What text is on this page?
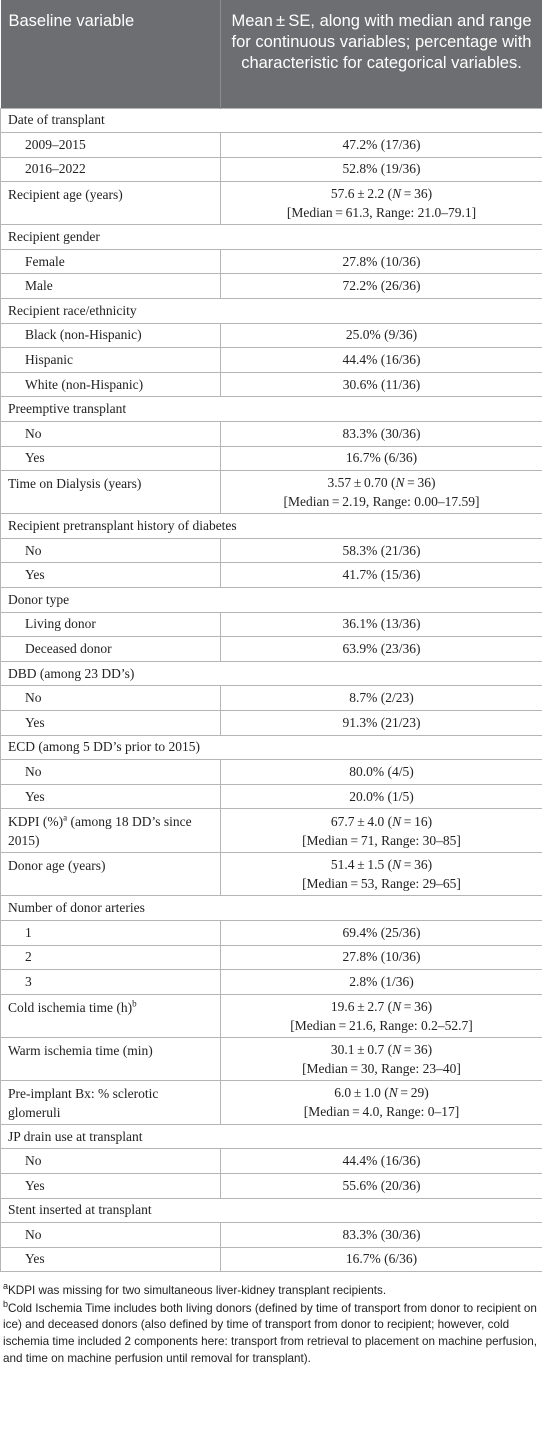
Baseline variable	Mean ± SE, along with median and range for continuous variables; percentage with characteristic for categorical variables.
Date of transplant	
2009–2015	47.2% (17/36)
2016–2022	52.8% (19/36)
Recipient age (years)	57.6 ± 2.2 (N = 36)
[Median = 61.3, Range: 21.0–79.1]

Recipient gender	
Female	27.8% (10/36)
Male	72.2% (26/36)
Recipient race/ethnicity	
Black (non-Hispanic)	25.0% (9/36)
Hispanic	44.4% (16/36)
White (non-Hispanic)	30.6% (11/36)
Preemptive transplant	
No	83.3% (30/36)
Yes	16.7% (6/36)
Time on Dialysis (years)	3.57 ± 0.70 (N = 36)
[Median = 2.19, Range: 0.00–17.59]

Recipient pretransplant history of diabetes	
No	58.3% (21/36)
Yes	41.7% (15/36)
Donor type	
Living donor	36.1% (13/36)
Deceased donor	63.9% (23/36)
DBD (among 23 DD’s)	
No	8.7% (2/23)
Yes	91.3% (21/23)
ECD (among 5 DD’s prior to 2015)	
No	80.0% (4/5)
Yes	20.0% (1/5)
KDPI (%)$^a$ (among 18 DD’s since 2015)	67.7 ± 4.0 (N = 16)
[Median = 71, Range: 30–85]

Donor age (years)	51.4 ± 1.5 (N = 36)
[Median = 53, Range: 29–65]

Number of donor arteries	
1	69.4% (25/36)
2	27.8% (10/36)
3	2.8% (1/36)
Cold ischemia time $(h)^b$	19.6 ± 2.7 (N = 36)
[Median = 21.6, Range: 0.2–52.7]

Warm ischemia time (min)	30.1 ± 0.7 (N = 36)
[Median = 30, Range: 23–40]

Pre-implant Bx: % sclerotic glomeruli	6.0 ± 1.0 (N = 29)
[Median = 4.0, Range: 0–17]

JP drain use at transplant	
No	44.4% (16/36)
Yes	55.6% (20/36)
Stent inserted at transplant	
No	83.3% (30/36)
Yes	16.7% (6/36)

$^a$KDPI was missing for two simultaneous liver-kidney transplant recipients.

$^b$Cold Ischemia Time includes both living donors (defined by time of transport from donor to recipient on ice) and deceased donors (also defined by time of transport from donor to recipient; however, cold ischemia time included 2 components here: transport from retrieval to placement on machine perfusion, and time on machine perfusion until removal for transplant).
